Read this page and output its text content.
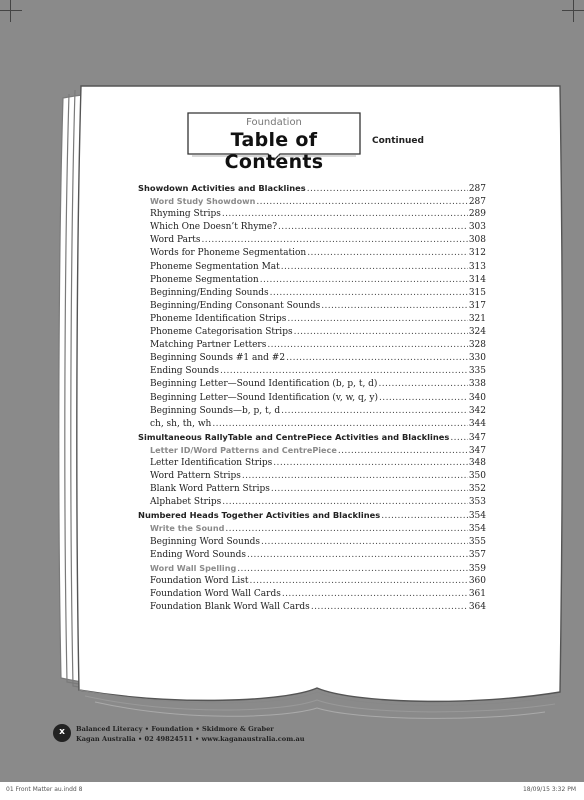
Foundation
Table of Contents
Continued
Showdown Activities and Blacklines .....	287
Word Study Showdown .....	287
Rhyming Strips .....	289
Which One Doesn’t Rhyme? .....	303
Word Parts .....	308
Words for Phoneme Segmentation .....	312
Phoneme Segmentation Mat .....	313
Phoneme Segmentation .....	314
Beginning/Ending Sounds .....	315
Beginning/Ending Consonant Sounds .....	317
Phoneme Identification Strips .....	321
Phoneme Categorisation Strips .....	324
Matching Partner Letters .....	328
Beginning Sounds #1 and #2 .....	330
Ending Sounds .....	335
Beginning Letter—Sound Identification (b, p, t, d) .....	338
Beginning Letter—Sound Identification (v, w, q, y) .....	340
Beginning Sounds—b, p, t, d .....	342
ch, sh, th, wh .....	344
Simultaneous RallyTable and CentrePiece Activities and Blacklines ..... 347
Letter ID/Word Patterns and CentrePiece .....	347
Letter Identification Strips .....	348
Word Pattern Strips .....	350
Blank Word Pattern Strips .....	352
Alphabet Strips .....	353
Numbered Heads Together Activities and Blacklines .....	354
Write the Sound .....	354
Beginning Word Sounds .....	355
Ending Word Sounds .....	357
Word Wall Spelling .....	359
Foundation Word List .....	360
Foundation Word Wall Cards .....	361
Foundation Blank Word Wall Cards .....	364
x	Balanced Literacy • Foundation • Skidmore & Graber
Kagan Australia • 02 49824511 • www.kaganaustralia.com.au
01 Front Matter au.indd 8	18/09/15 3:32 PM
